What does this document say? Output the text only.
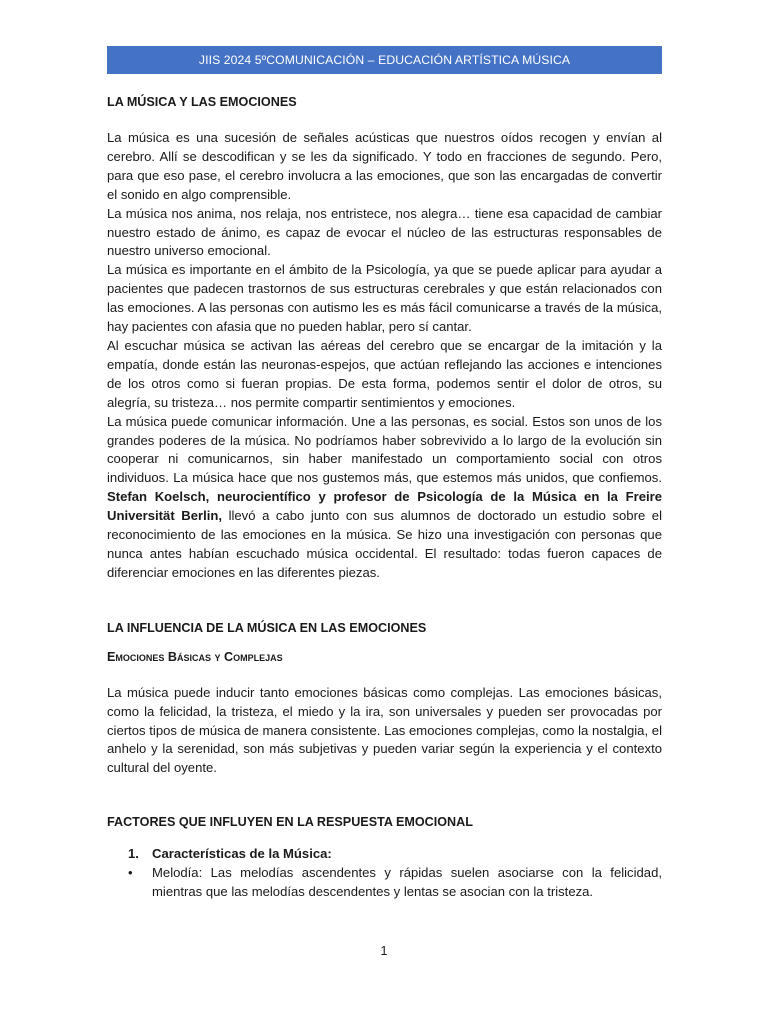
JIIS 2024 5ºCOMUNICACIÓN – EDUCACIÓN ARTÍSTICA MÚSICA

LA MÚSICA Y LAS EMOCIONES

La música es una sucesión de señales acústicas que nuestros oídos recogen y envían al cerebro. Allí se descodifican y se les da significado. Y todo en fracciones de segundo. Pero, para que eso pase, el cerebro involucra a las emociones, que son las encargadas de convertir el sonido en algo comprensible.

La música nos anima, nos relaja, nos entristece, nos alegra… tiene esa capacidad de cambiar nuestro estado de ánimo, es capaz de evocar el núcleo de las estructuras responsables de nuestro universo emocional.

La música es importante en el ámbito de la Psicología, ya que se puede aplicar para ayudar a pacientes que padecen trastornos de sus estructuras cerebrales y que están relacionados con las emociones. A las personas con autismo les es más fácil comunicarse a través de la música, hay pacientes con afasia que no pueden hablar, pero sí cantar.

Al escuchar música se activan las aéreas del cerebro que se encargar de la imitación y la empatía, donde están las neuronas-espejos, que actúan reflejando las acciones e intenciones de los otros como si fueran propias. De esta forma, podemos sentir el dolor de otros, su alegría, su tristeza… nos permite compartir sentimientos y emociones.

La música puede comunicar información. Une a las personas, es social. Estos son unos de los grandes poderes de la música. No podríamos haber sobrevivido a lo largo de la evolución sin cooperar ni comunicarnos, sin haber manifestado un comportamiento social con otros individuos. La música hace que nos gustemos más, que estemos más unidos, que confiemos. Stefan Koelsch, neurocientífico y profesor de Psicología de la Música en la Freire Universität Berlin, llevó a cabo junto con sus alumnos de doctorado un estudio sobre el reconocimiento de las emociones en la música. Se hizo una investigación con personas que nunca antes habían escuchado música occidental. El resultado: todas fueron capaces de diferenciar emociones en las diferentes piezas.

LA INFLUENCIA DE LA MÚSICA EN LAS EMOCIONES

Emociones Básicas y Complejas

La música puede inducir tanto emociones básicas como complejas. Las emociones básicas, como la felicidad, la tristeza, el miedo y la ira, son universales y pueden ser provocadas por ciertos tipos de música de manera consistente. Las emociones complejas, como la nostalgia, el anhelo y la serenidad, son más subjetivas y pueden variar según la experiencia y el contexto cultural del oyente.

FACTORES QUE INFLUYEN EN LA RESPUESTA EMOCIONAL

1. Características de la Música:
• Melodía: Las melodías ascendentes y rápidas suelen asociarse con la felicidad, mientras que las melodías descendentes y lentas se asocian con la tristeza.
1
